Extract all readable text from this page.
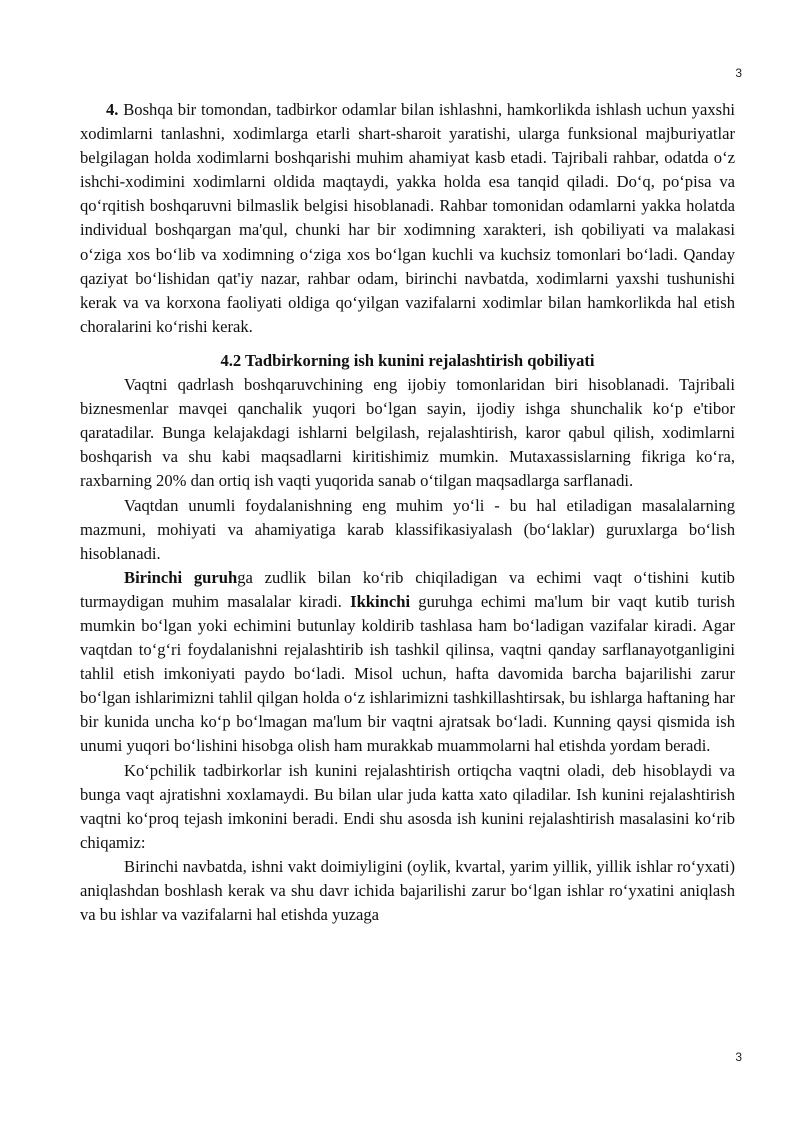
3

4. Boshqa bir tomondan, tadbirkor odamlar bilan ishlashni, hamkorlikda ishlash uchun yaxshi xodimlarni tanlashni, xodimlarga etarli shart-sharoit yaratishi, ularga funksional majburiyatlar belgilagan holda xodimlarni boshqarishi muhim ahamiyat kasb etadi. Tajribali rahbar, odatda o‘z ishchi-xodimini xodimlarni oldida maqtaydi, yakka holda esa tanqid qiladi. Do‘q, po‘pisa va qo‘rqitish boshqaruvni bilmaslik belgisi hisoblanadi. Rahbar tomonidan odamlarni yakka holatda individual boshqargan ma'qul, chunki har bir xodimning xarakteri, ish qobiliyati va malakasi o‘ziga xos bo‘lib va xodimning o‘ziga xos bo‘lgan kuchli va kuchsiz tomonlari bo‘ladi. Qanday qaziyat bo‘lishidan qat'iy nazar, rahbar odam, birinchi navbatda, xodimlarni yaxshi tushunishi kerak va va korxona faoliyati oldiga qo‘yilgan vazifalarni xodimlar bilan hamkorlikda hal etish choralarini ko‘rishi kerak.

4.2 Tadbirkorning ish kunini rejalashtirish qobiliyati

Vaqtni qadrlash boshqaruvchining eng ijobiy tomonlaridan biri hisoblanadi. Tajribali biznesmenlar mavqei qanchalik yuqori bo‘lgan sayin, ijodiy ishga shunchalik ko‘p e'tibor qaratadilar. Bunga kelajakdagi ishlarni belgilash, rejalashtirish, karor qabul qilish, xodimlarni boshqarish va shu kabi maqsadlarni kiritishimiz mumkin. Mutaxassislarning fikriga ko‘ra, raxbarning 20% dan ortiq ish vaqti yuqorida sanab o‘tilgan maqsadlarga sarflanadi.

Vaqtdan unumli foydalanishning eng muhim yo‘li - bu hal etiladigan masalalarning mazmuni, mohiyati va ahamiyatiga karab klassifikasiyalash (bo‘laklar) guruxlarga bo‘lish hisoblanadi.

Birinchi guruhga zudlik bilan ko‘rib chiqiladigan va echimi vaqt o‘tishini kutib turmaydigan muhim masalalar kiradi. Ikkinchi guruhga echimi ma'lum bir vaqt kutib turish mumkin bo‘lgan yoki echimini butunlay koldirib tashlasa ham bo‘ladigan vazifalar kiradi. Agar vaqtdan to‘g‘ri foydalanishni rejalashtirib ish tashkil qilinsa, vaqtni qanday sarflanayotganligini tahlil etish imkoniyati paydo bo‘ladi. Misol uchun, hafta davomida barcha bajarilishi zarur bo‘lgan ishlarimizni tahlil qilgan holda o‘z ishlarimizni tashkillashtirsak, bu ishlarga haftaning har bir kunida uncha ko‘p bo‘lmagan ma'lum bir vaqtni ajratsak bo‘ladi. Kunning qaysi qismida ish unumi yuqori bo‘lishini hisobga olish ham murakkab muammolarni hal etishda yordam beradi.

Ko‘pchilik tadbirkorlar ish kunini rejalashtirish ortiqcha vaqtni oladi, deb hisoblaydi va bunga vaqt ajratishni xoxlamaydi. Bu bilan ular juda katta xato qiladilar. Ish kunini rejalashtirish vaqtni ko‘proq tejash imkonini beradi. Endi shu asosda ish kunini rejalashtirish masalasini ko‘rib chiqamiz:

Birinchi navbatda, ishni vakt doimiyligini (oylik, kvartal, yarim yillik, yillik ishlar ro‘yxati) aniqlashdan boshlash kerak va shu davr ichida bajarilishi zarur bo‘lgan ishlar ro‘yxatini aniqlash va bu ishlar va vazifalarni hal etishda yuzaga

3
